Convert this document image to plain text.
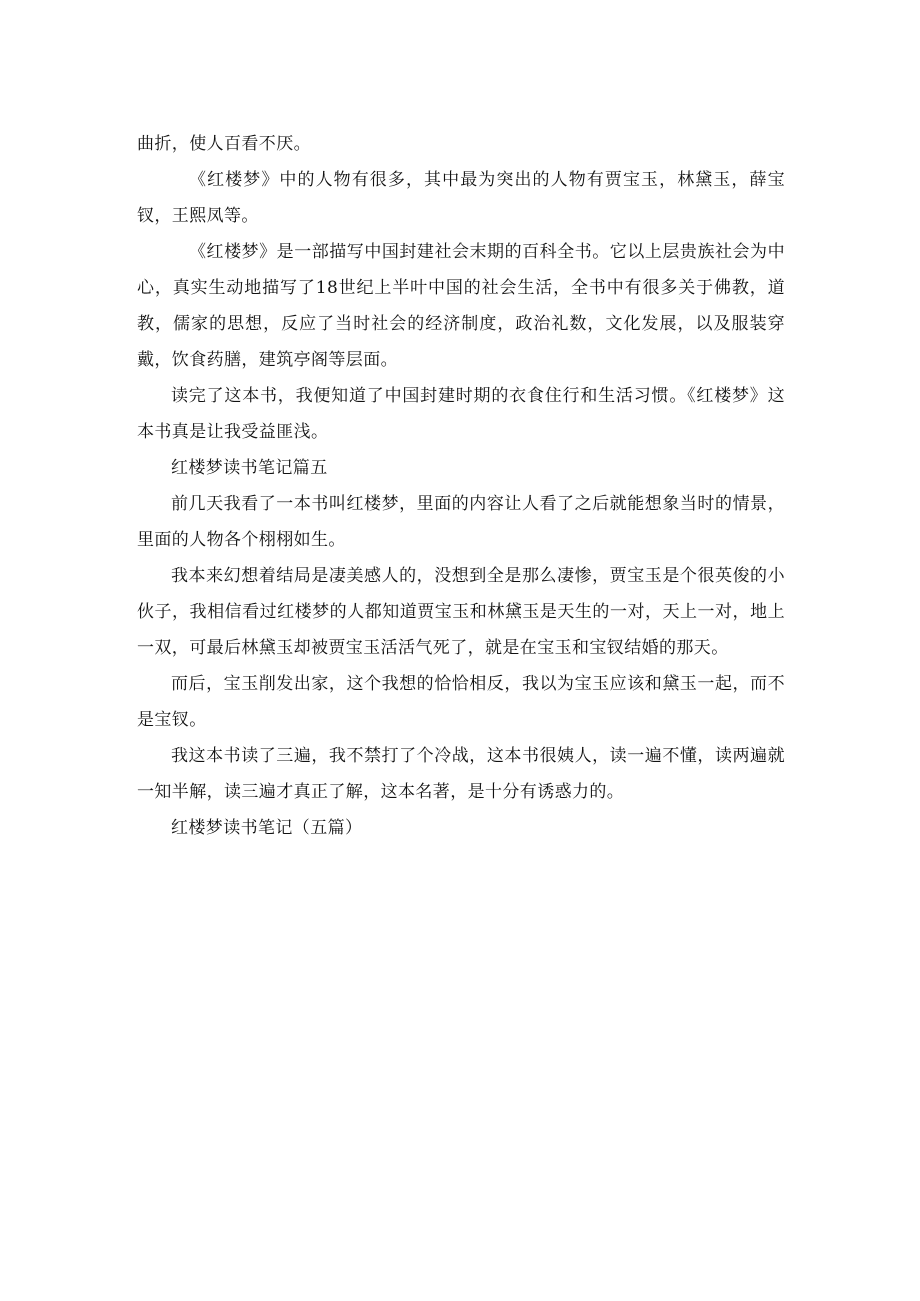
曲折，使人百看不厌。

《红楼梦》中的人物有很多，其中最为突出的人物有贾宝玉，林黛玉，薛宝钗，王熙凤等。

《红楼梦》是一部描写中国封建社会末期的百科全书。它以上层贵族社会为中心，真实生动地描写了18世纪上半叶中国的社会生活，全书中有很多关于佛教，道教，儒家的思想，反应了当时社会的经济制度，政治礼数，文化发展，以及服装穿戴，饮食药膳，建筑亭阁等层面。

读完了这本书，我便知道了中国封建时期的衣食住行和生活习惯。《红楼梦》这本书真是让我受益匪浅。

红楼梦读书笔记篇五

前几天我看了一本书叫红楼梦，里面的内容让人看了之后就能想象当时的情景，里面的人物各个栩栩如生。

我本来幻想着结局是凄美感人的，没想到全是那么凄惨，贾宝玉是个很英俊的小伙子，我相信看过红楼梦的人都知道贾宝玉和林黛玉是天生的一对，天上一对，地上一双，可最后林黛玉却被贾宝玉活活气死了，就是在宝玉和宝钗结婚的那天。

而后，宝玉削发出家，这个我想的恰恰相反，我以为宝玉应该和黛玉一起，而不是宝钗。

我这本书读了三遍，我不禁打了个冷战，这本书很姨人，读一遍不懂，读两遍就一知半解，读三遍才真正了解，这本名著，是十分有诱惑力的。

红楼梦读书笔记（五篇）
